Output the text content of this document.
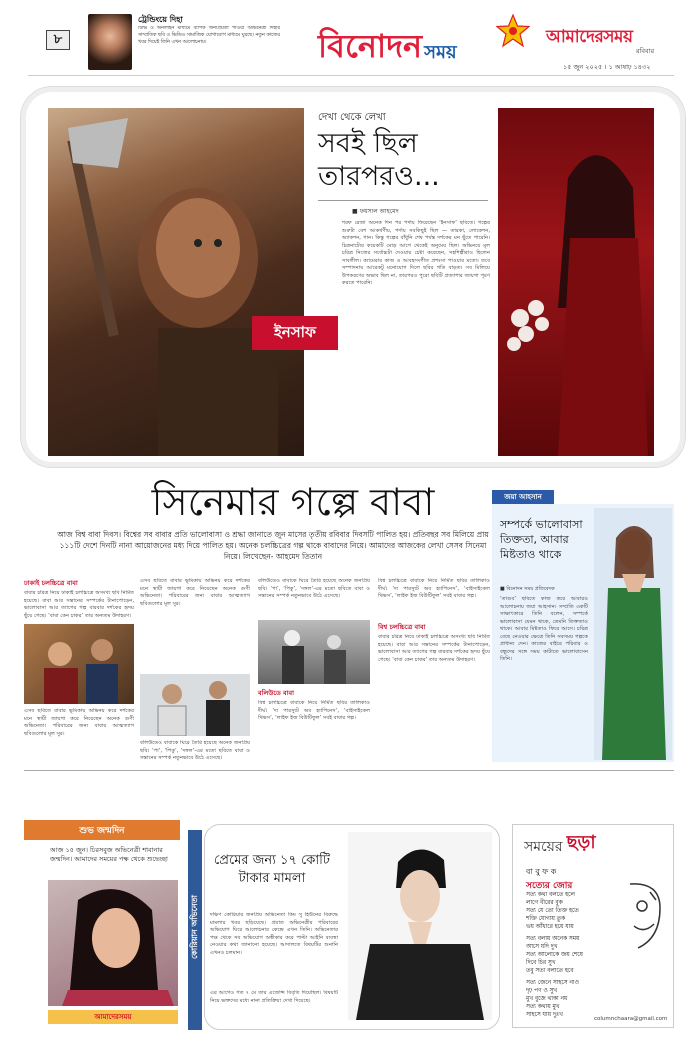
৮
ট্রেন্ডিংয়ে দিহা
টিভি ও অনলাইন মাধ্যমে ব্যাপক জনপ্রিয়তা পাওয়া অভিনেত্রী দিহার সাম্প্রতিক ছবি ও ভিডিও সামাজিক যোগাযোগ মাধ্যমে ঘুরছে। নতুন কাজের খবর দিয়েই তিনি এখন আলোচনায়।	বিনোদন সময়
আমাদেরসময়
রবিবার
১৫ জুন ২০২৫ । ১ আষাঢ় ১৪৩২
ইনসাফ
দেখা থেকে লেখা
সবই ছিল তারপরও...
■ ফয়সাল আহমেদ
শরফ রেজা অনেক দিন পর পর্দায় ফিরেছেন ‘ইনসাফ’ ছবিতে। গল্পের শুরুটা বেশ আকর্ষণীয়, পর্দায় সবকিছুই ছিল — তারকা, লোকেশন, অ্যাকশন, গান। কিন্তু গল্পের বাঁধুনি শেষ পর্যন্ত দর্শকের মন ছুঁতে পারেনি। চিত্রনাট্যের কয়েকটি মোড় আগে থেকেই অনুমেয় ছিল। অভিনয়ে মূল চরিত্র নিজের সর্বোচ্চটা দেওয়ার চেষ্টা করেছেন, সহশিল্পীরাও ছিলেন সাবলীল। ক্যামেরার কাজ ও আবহসংগীত প্রশংসা পাওয়ার মতো। তবে সম্পাদনায় আরেকটু মনোযোগ দিলে ছবির গতি বাড়ত। সব মিলিয়ে উপকরণের অভাব ছিল না, তারপরও পুরো ছবিটি প্রত্যাশার জায়গা পূরণ করতে পারেনি।
সিনেমার গল্পে বাবা
আজ বিশ্ব বাবা দিবস। বিশ্বের সব বাবার প্রতি ভালোবাসা ও শ্রদ্ধা জানাতে জুন মাসের তৃতীয় রবিবার দিবসটি পালিত হয়। প্রতিবছর সব মিলিয়ে প্রায় ১১১টি দেশে দিনটি নানা আয়োজনের মধ্য দিয়ে পালিত হয়। অনেক চলচ্চিত্রের গল্প থাকে বাবাদের নিয়ে। আমাদের আজকের লেখা সেসব সিনেমা নিয়ে। লিখেছেন- আহমেদ তিতান
ঢাকাই চলচ্চিত্রে বাবা
বাবার চরিত্র নিয়ে ঢাকাই চলচ্চিত্রে অসংখ্য ছবি নির্মিত হয়েছে। বাবা আর সন্তানের সম্পর্কের টানাপোড়েন, ভালোবাসা আর ত্যাগের গল্প বারবার দর্শকের হৃদয় ছুঁয়ে গেছে। ‘বাবা কেন চাকর’ তার অন্যতম উদাহরণ।
এসব ছবিতে বাবার ভূমিকায় অভিনয় করে দর্শকের মনে স্থায়ী জায়গা করে নিয়েছেন অনেক গুণী অভিনেতা। পরিবারের জন্য বাবার আত্মত্যাগ ছবিগুলোর মূল সুর।
এসব ছবিতে বাবার ভূমিকায় অভিনয় করে দর্শকের মনে স্থায়ী জায়গা করে নিয়েছেন অনেক গুণী অভিনেতা। পরিবারের জন্য বাবার আত্মত্যাগ ছবিগুলোর মূল সুর।
বলিউডেও বাবাকে ঘিরে তৈরি হয়েছে অনেক জনপ্রিয় ছবি। ‘পা’, ‘পিকু’, ‘দঙ্গল’-এর মতো ছবিতে বাবা ও সন্তানের সম্পর্ক নতুনভাবে উঠে এসেছে।
বলিউডেও বাবাকে ঘিরে তৈরি হয়েছে অনেক জনপ্রিয় ছবি। ‘পা’, ‘পিকু’, ‘দঙ্গল’-এর মতো ছবিতে বাবা ও সন্তানের সম্পর্ক নতুনভাবে উঠে এসেছে।
বলিউডে বাবা
বিশ্ব চলচ্চিত্রে বাবাকে নিয়ে নির্মিত ছবির তালিকাও দীর্ঘ। ‘দ্য পারস্যুট অব হ্যাপিনেস’, ‘বাইসাইকেল থিভস’, ‘লাইফ ইজ বিউটিফুল’ সবই বাবার গল্প।
বিশ্ব চলচ্চিত্রে বাবাকে নিয়ে নির্মিত ছবির তালিকাও দীর্ঘ। ‘দ্য পারস্যুট অব হ্যাপিনেস’, ‘বাইসাইকেল থিভস’, ‘লাইফ ইজ বিউটিফুল’ সবই বাবার গল্প।
বিশ্ব চলচ্চিত্রে বাবা
বাবার চরিত্র নিয়ে ঢাকাই চলচ্চিত্রে অসংখ্য ছবি নির্মিত হয়েছে। বাবা আর সন্তানের সম্পর্কের টানাপোড়েন, ভালোবাসা আর ত্যাগের গল্প বারবার দর্শকের হৃদয় ছুঁয়ে গেছে। ‘বাবা কেন চাকর’ তার অন্যতম উদাহরণ।
জয়া আহসান
সম্পর্কে ভালোবাসা তিক্ততা, আবার মিষ্টতাও থাকে
■ বিনোদন সময় প্রতিবেদক
‘তাণ্ডব’ ছবিতে কাজ করে আবারও আলোচনায় জয়া আহসান। সম্প্রতি একটি সাক্ষাৎকারে তিনি বলেন, সম্পর্কে ভালোবাসা যেমন থাকে, তেমনি তিক্ততাও থাকে। আবার মিষ্টতাও ফিরে আসে। চরিত্র বেছে নেওয়ার ক্ষেত্রে তিনি সবসময় গল্পকে প্রাধান্য দেন। কাজের বাইরে পরিবার ও বন্ধুদের সঙ্গে সময় কাটাতে ভালোবাসেন তিনি।
শুভ জন্মদিন
আজ ১৫ জুন। চিরসবুজ অভিনেত্রী শাবানার জন্মদিন। আমাদের সময়ের পক্ষ থেকে শুভেচ্ছা
আমাদেরসময়
কোরিয়ান অভিনেতা
প্রেমের জন্য ১৭ কোটি টাকার মামলা
দক্ষিণ কোরিয়ার জনপ্রিয় অভিনেতা কিম সু হিউনের বিরুদ্ধে মামলার খবর ছড়িয়েছে। প্রয়াত অভিনেত্রীর পরিবারের অভিযোগ ঘিরে আলোচনার কেন্দ্রে এখন তিনি। অভিনেতার পক্ষ থেকে সব অভিযোগ অস্বীকার করে পাল্টা আইনি ব্যবস্থা নেওয়ার কথা জানানো হয়েছে। আদালতে বিষয়টির শুনানি এখনও চলমান।
এর আগেও গত ৭ মে তার এজেন্সি বিবৃতি দিয়েছিল। বিষয়টি নিয়ে ভক্তদের মধ্যে নানা প্রতিক্রিয়া দেখা দিয়েছে।
সময়ের ছড়া
বা বু ফ ক
সত্যের জোর
সত্য কথা বলতে হলে
লাগে বীরের বুক
সত্য যে তো তিক্ত হতে
শক্তি যোগায় তুক
ভয় আঁধারে হয়ে যায়
সত্য বলায় অনেক সময়
আসে যদি দুখ
সত্য আলোকে জয় শেষে
দিবে চির সুখ
তবু সত্য বলাতে হবে
সত্য জেনে সাহসে নাও
দৃঢ় পণ ও সুখ
মুখ বুজে থাকা নয়
সত্য কথায় মুখ
সাহসে যায় দুঃখ
columnchaara@gmail.com
